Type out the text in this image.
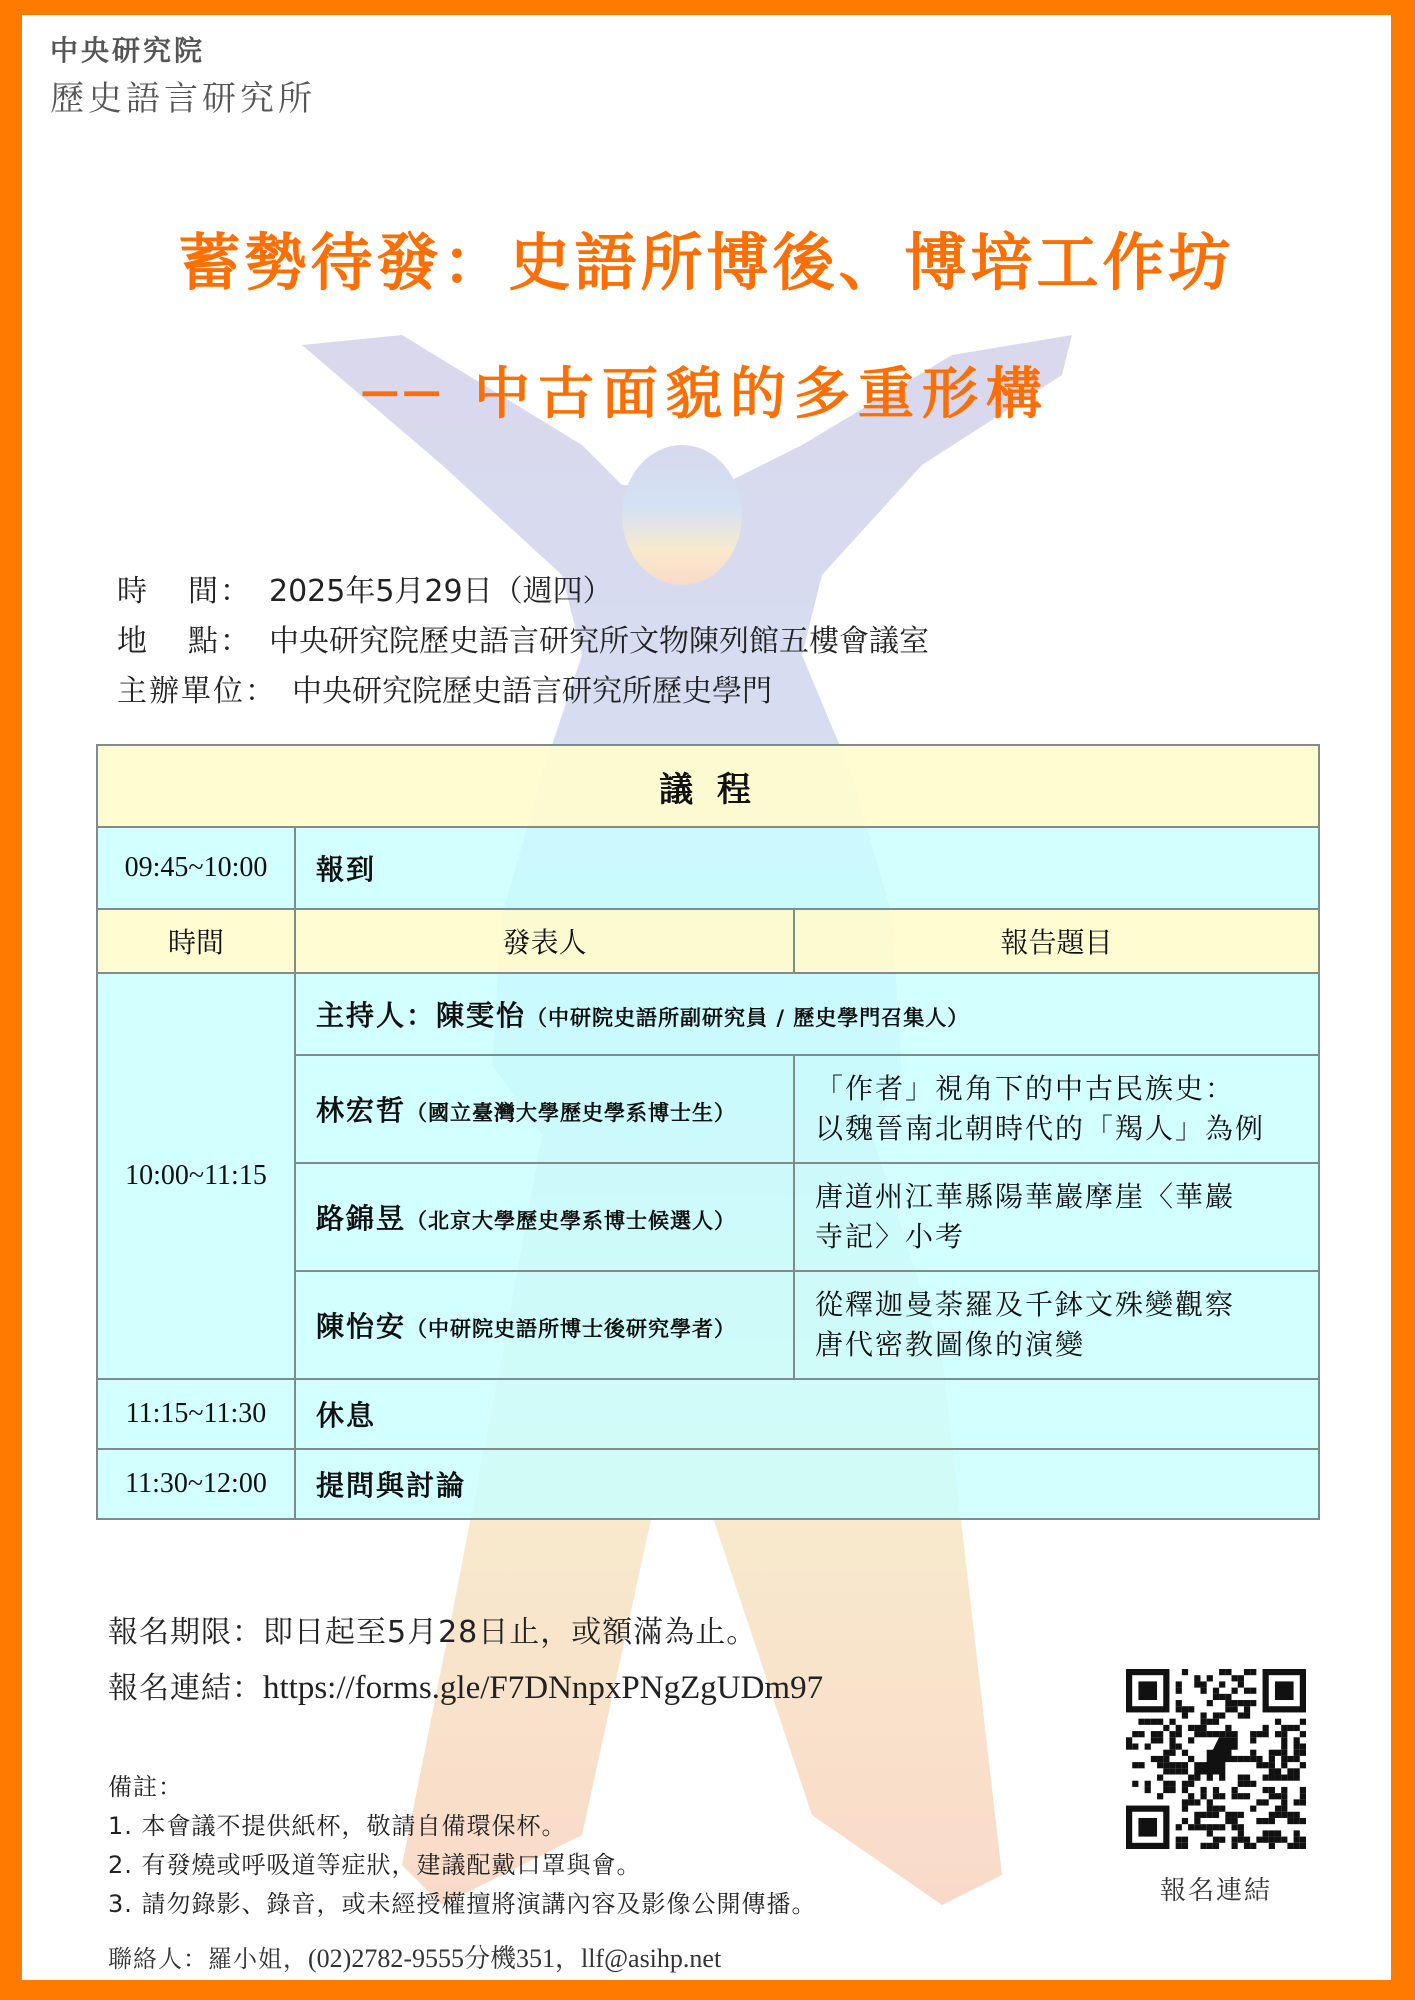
中央研究院
歷史語言研究所
蓄勢待發：史語所博後、博培工作坊
── 中古面貌的多重形構
時 間： 2025年5月29日（週四）
地 點： 中央研究院歷史語言研究所文物陳列館五樓會議室
主辦單位： 中央研究院歷史語言研究所歷史學門
議 程		
09:45~10:00	報到	
時間	發表人	報告題目
10:00~11:15	主持人：陳雯怡（中研院史語所副研究員 / 歷史學門召集人）	
	林宏哲（國立臺灣大學歷史學系博士生）	「作者」視角下的中古民族史：
以魏晉南北朝時代的「羯人」為例

	路錦昱（北京大學歷史學系博士候選人）	唐道州江華縣陽華巖摩崖〈華巖
寺記〉小考

	陳怡安（中研院史語所博士後研究學者）	從釋迦曼荼羅及千鉢文殊變觀察
唐代密教圖像的演變

11:15~11:30	休息	
11:30~12:00	提問與討論	
報名期限：即日起至5月28日止，或額滿為止。
報名連結：https://forms.gle/F7DNnpxPNgZgUDm97
備註：
1. 本會議不提供紙杯，敬請自備環保杯。
2. 有發燒或呼吸道等症狀，建議配戴口罩與會。
3. 請勿錄影、錄音，或未經授權擅將演講內容及影像公開傳播。
聯絡人：羅小姐，(02)2782-9555分機351，llf@asihp.net
報名連結
